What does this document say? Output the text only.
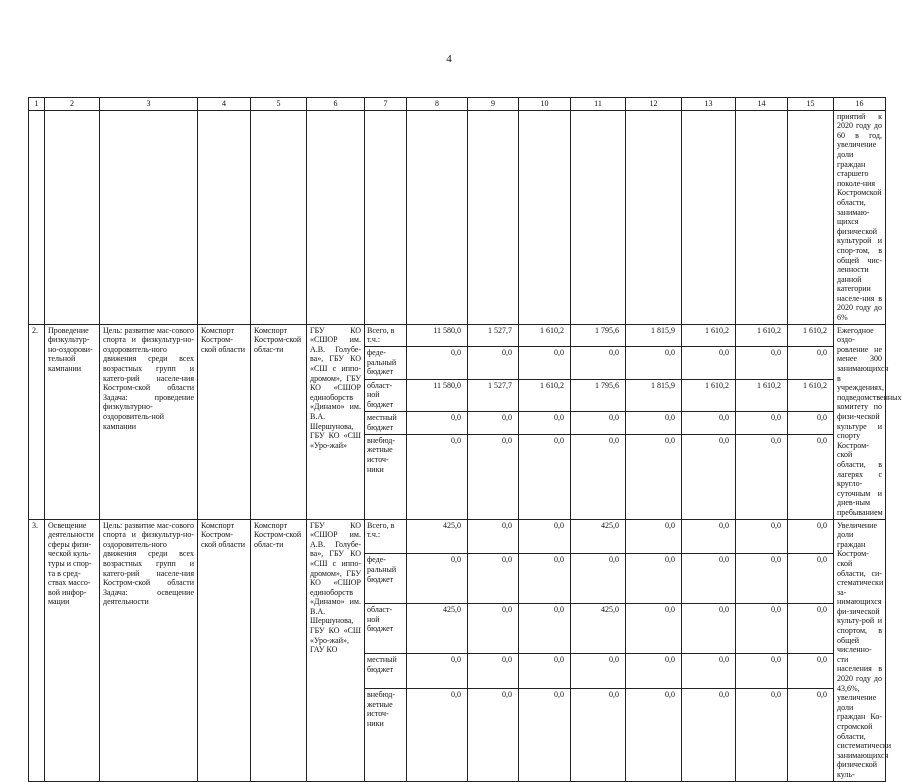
4
1	2	3	4	5	6	7	8	9	10	11	12	13	14	15	16
															приятий к 2020 году до 60 в год, увеличение доли граждан старшего поколе-ния Костромской области, занимаю-щихся физической культурой и спор-том, в общей чис-ленности данной категории населе-ния в 2020 году до 6%
2.	Проведение физкультур-но-оздорови-тельной кампании	Цель: развитие мас-сового спорта и физкультур-но-оздоровитель-ного движения среди всех возрастных групп и катего-рий населе-ния Костром-ской области Задача: проведение физкультурно-оздоровитель-ной кампании	Комспорт Костром-ской области	Комспорт Костром-ской облас-ти	ГБУ КО «СШОР им. А.В. Голубе-ва», ГБУ КО «СШ с иппо-дромом», ГБУ КО «СШОР единоборств «Динамо» им. В.А. Шершунова, ГБУ КО «СШ «Уро-жай»	Всего, в т.ч.:	11 580,0	1 527,7	1 610,2	1 795,6	1 815,9	1 610,2	1 610,2	1 610,2	Ежегодное оздо-ровление не менее 300 занимающихся в учреждениях, подведомственных комитету по физи-ческой культуре и спорту Костром-ской области, в лагерях с кругло-суточным и днев-ным пребыванием
						феде-ральный бюджет	0,0	0,0	0,0	0,0	0,0	0,0	0,0	0,0	
						област-ной бюджет	11 580,0	1 527,7	1 610,2	1 795,6	1 815,9	1 610,2	1 610,2	1 610,2	
						местный бюджет	0,0	0,0	0,0	0,0	0,0	0,0	0,0	0,0	
						внебюд-жетные источ-ники	0,0	0,0	0,0	0,0	0,0	0,0	0,0	0,0	
3.	Освещение деятельности сферы физи-ческой куль-туры и спор-та в сред-ствах массо-вой инфор-мации	Цель: развитие мас-сового спорта и физкультур-но-оздоровитель-ного движения среди всех возрастных групп и катего-рий населе-ния Костром-ской области Задача: освещение деятельности	Комспорт Костром-ской области	Комспорт Костром-ской облас-ти	ГБУ КО «СШОР им. А.В. Голубе-ва», ГБУ КО «СШ с иппо-дромом», ГБУ КО «СШОР единоборств «Динамо» им. В.А. Шершунова, ГБУ КО «СШ «Уро-жай», ГАУ КО	Всего, в т.ч.:	425,0	0,0	0,0	425,0	0,0	0,0	0,0	0,0	Увеличение доли граждан Костром-ской области, си-стематически за-нимающихся фи-зической культу-рой и спортом, в общей численно-сти населения в 2020 году до 43,6%, увеличение доли граждан Ко-стромской области, систематически занимающихся физической куль-
						феде-ральный бюджет	0,0	0,0	0,0	0,0	0,0	0,0	0,0	0,0	
						област-ной бюджет	425,0	0,0	0,0	425,0	0,0	0,0	0,0	0,0	
						местный бюджет	0,0	0,0	0,0	0,0	0,0	0,0	0,0	0,0	
						внебюд-жетные источ-ники	0,0	0,0	0,0	0,0	0,0	0,0	0,0	0,0	
